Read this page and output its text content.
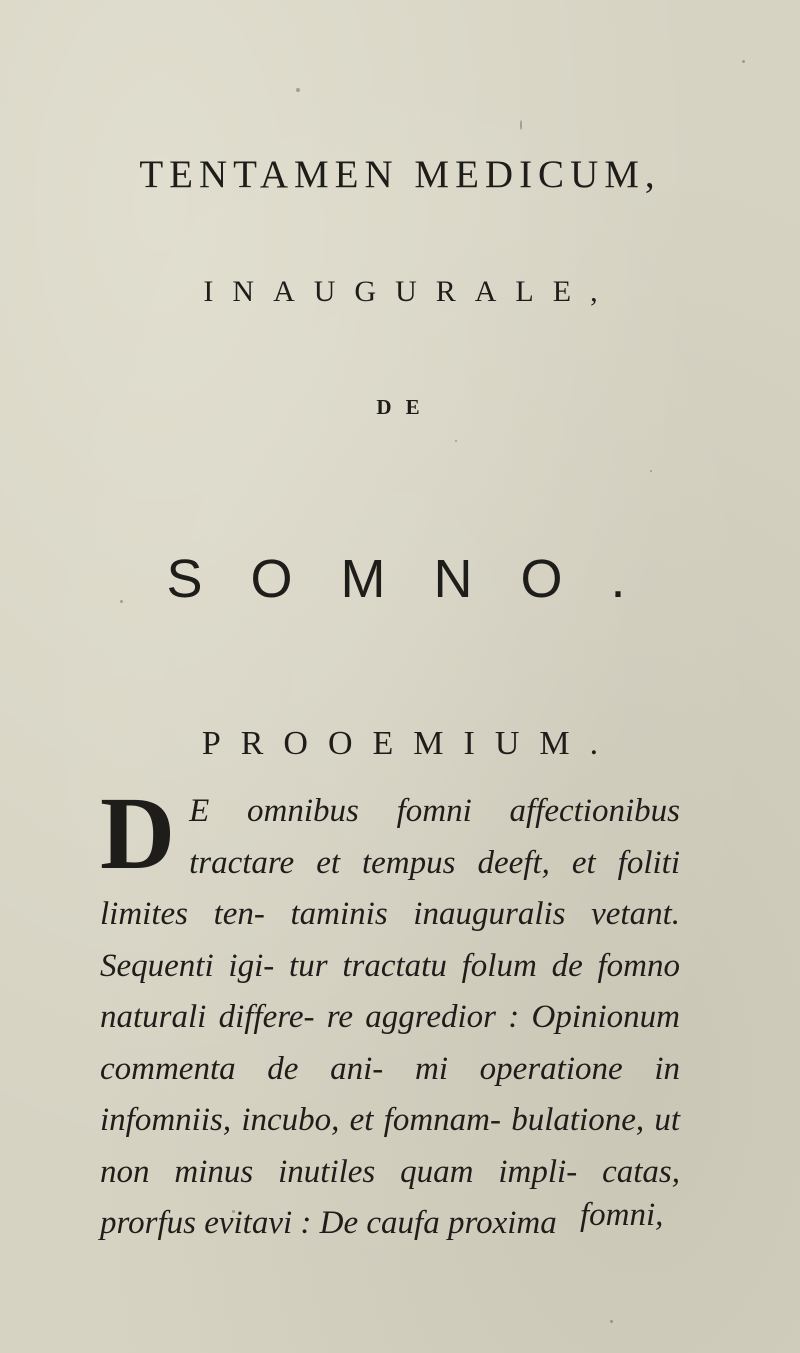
TENTAMEN MEDICUM,
INAUGURALE,
DE
SOMNO.
PROOEMIUM.
D E omnibus fomni affectionibus tractare et tempus deeft, et foliti limites ten- taminis inauguralis vetant. Sequenti igi- tur tractatu folum de fomno naturali differe- re aggredior : Opinionum commenta de ani- mi operatione in infomniis, incubo, et fomnam- bulatione, ut non minus inutiles quam impli- catas, prorfus evitavi : De caufa proxima fomni,
